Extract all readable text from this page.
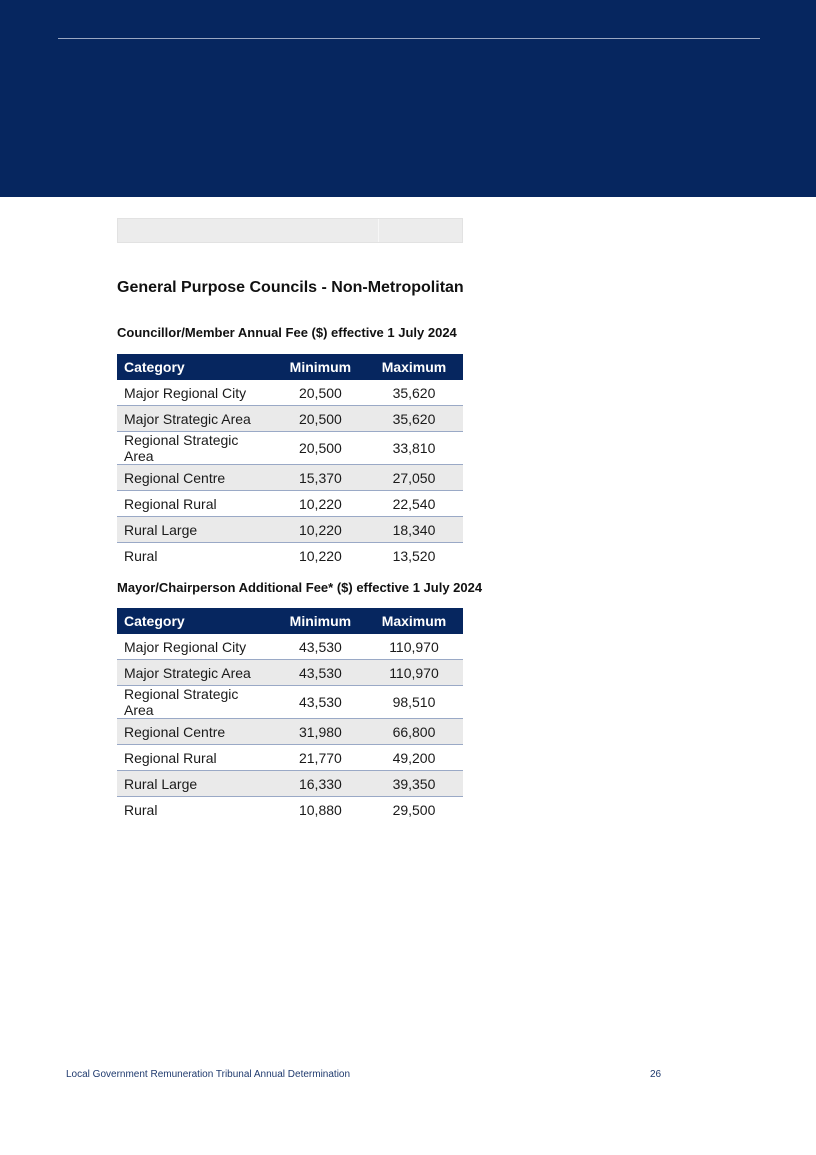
General Purpose Councils - Non-Metropolitan
Councillor/Member Annual Fee ($) effective 1 July 2024
Category	Minimum	Maximum
Major Regional City	20,500	35,620
Major Strategic Area	20,500	35,620
Regional Strategic Area	20,500	33,810
Regional Centre	15,370	27,050
Regional Rural	10,220	22,540
Rural Large	10,220	18,340
Rural	10,220	13,520
Mayor/Chairperson Additional Fee* ($) effective 1 July 2024
Category	Minimum	Maximum
Major Regional City	43,530	110,970
Major Strategic Area	43,530	110,970
Regional Strategic Area	43,530	98,510
Regional Centre	31,980	66,800
Regional Rural	21,770	49,200
Rural Large	16,330	39,350
Rural	10,880	29,500
Local Government Remuneration Tribunal Annual Determination	26
